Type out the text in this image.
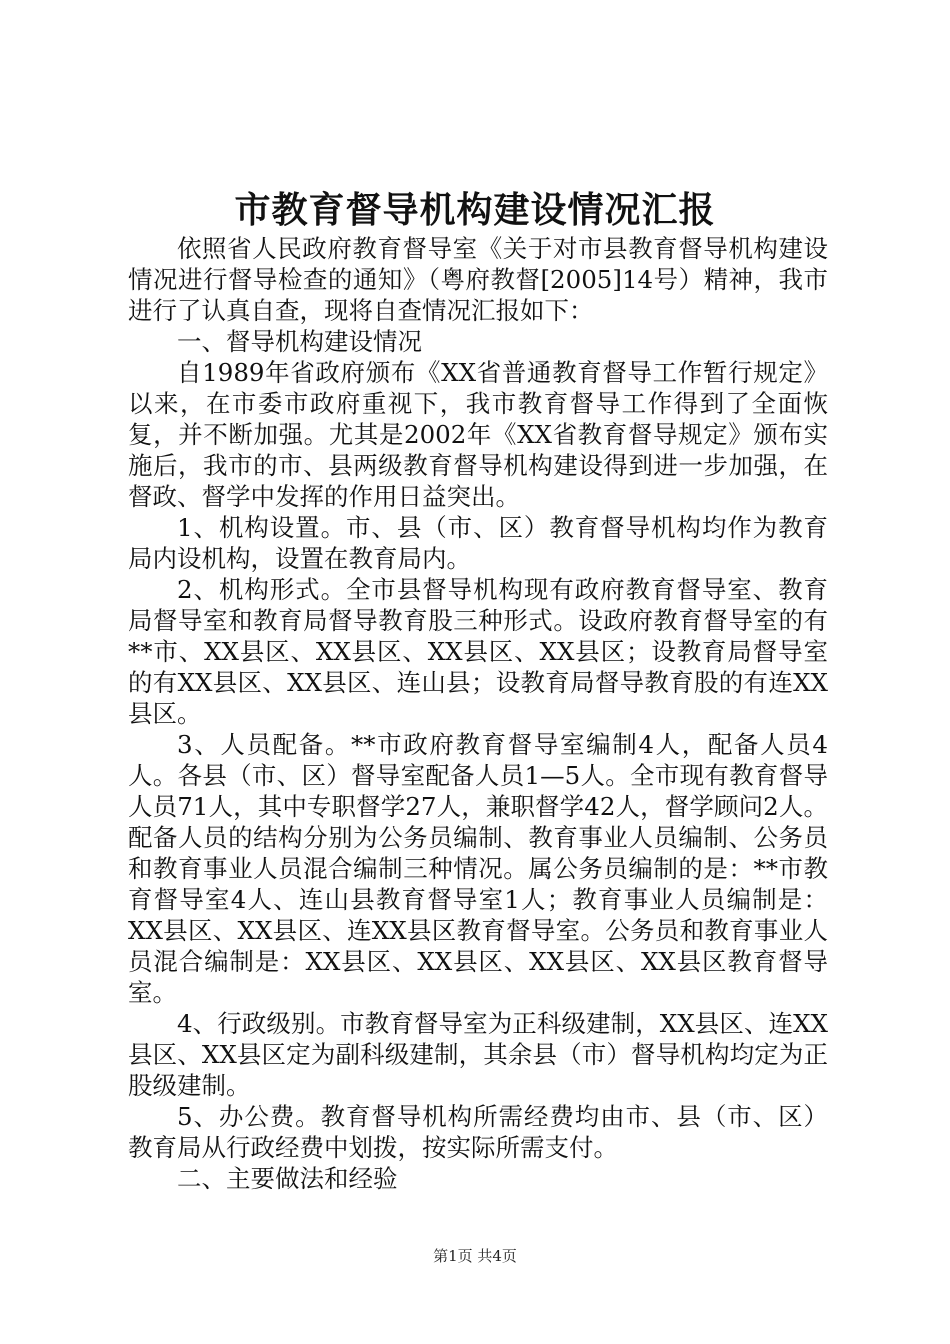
市教育督导机构建设情况汇报

依照省人民政府教育督导室《关于对市县教育督导机构建设情况进行督导检查的通知》（粤府教督[2005]14号）精神，我市进行了认真自查，现将自查情况汇报如下：

一、督导机构建设情况

自1989年省政府颁布《XX省普通教育督导工作暂行规定》以来，在市委市政府重视下，我市教育督导工作得到了全面恢复，并不断加强。尤其是2002年《XX省教育督导规定》颁布实施后，我市的市、县两级教育督导机构建设得到进一步加强，在督政、督学中发挥的作用日益突出。

1、机构设置。市、县（市、区）教育督导机构均作为教育局内设机构，设置在教育局内。

2、机构形式。全市县督导机构现有政府教育督导室、教育局督导室和教育局督导教育股三种形式。设政府教育督导室的有**市、XX县区、XX县区、XX县区、XX县区；设教育局督导室的有XX县区、XX县区、连山县；设教育局督导教育股的有连XX县区。

3、人员配备。**市政府教育督导室编制4人，配备人员4人。各县（市、区）督导室配备人员1—5人。全市现有教育督导人员71人，其中专职督学27人，兼职督学42人，督学顾问2人。配备人员的结构分别为公务员编制、教育事业人员编制、公务员和教育事业人员混合编制三种情况。属公务员编制的是：**市教育督导室4人、连山县教育督导室1人；教育事业人员编制是：XX县区、XX县区、连XX县区教育督导室。公务员和教育事业人员混合编制是：XX县区、XX县区、XX县区、XX县区教育督导室。

4、行政级别。市教育督导室为正科级建制，XX县区、连XX县区、XX县区定为副科级建制，其余县（市）督导机构均定为正股级建制。

5、办公费。教育督导机构所需经费均由市、县（市、区）教育局从行政经费中划拨，按实际所需支付。

二、主要做法和经验

第1页 共4页
